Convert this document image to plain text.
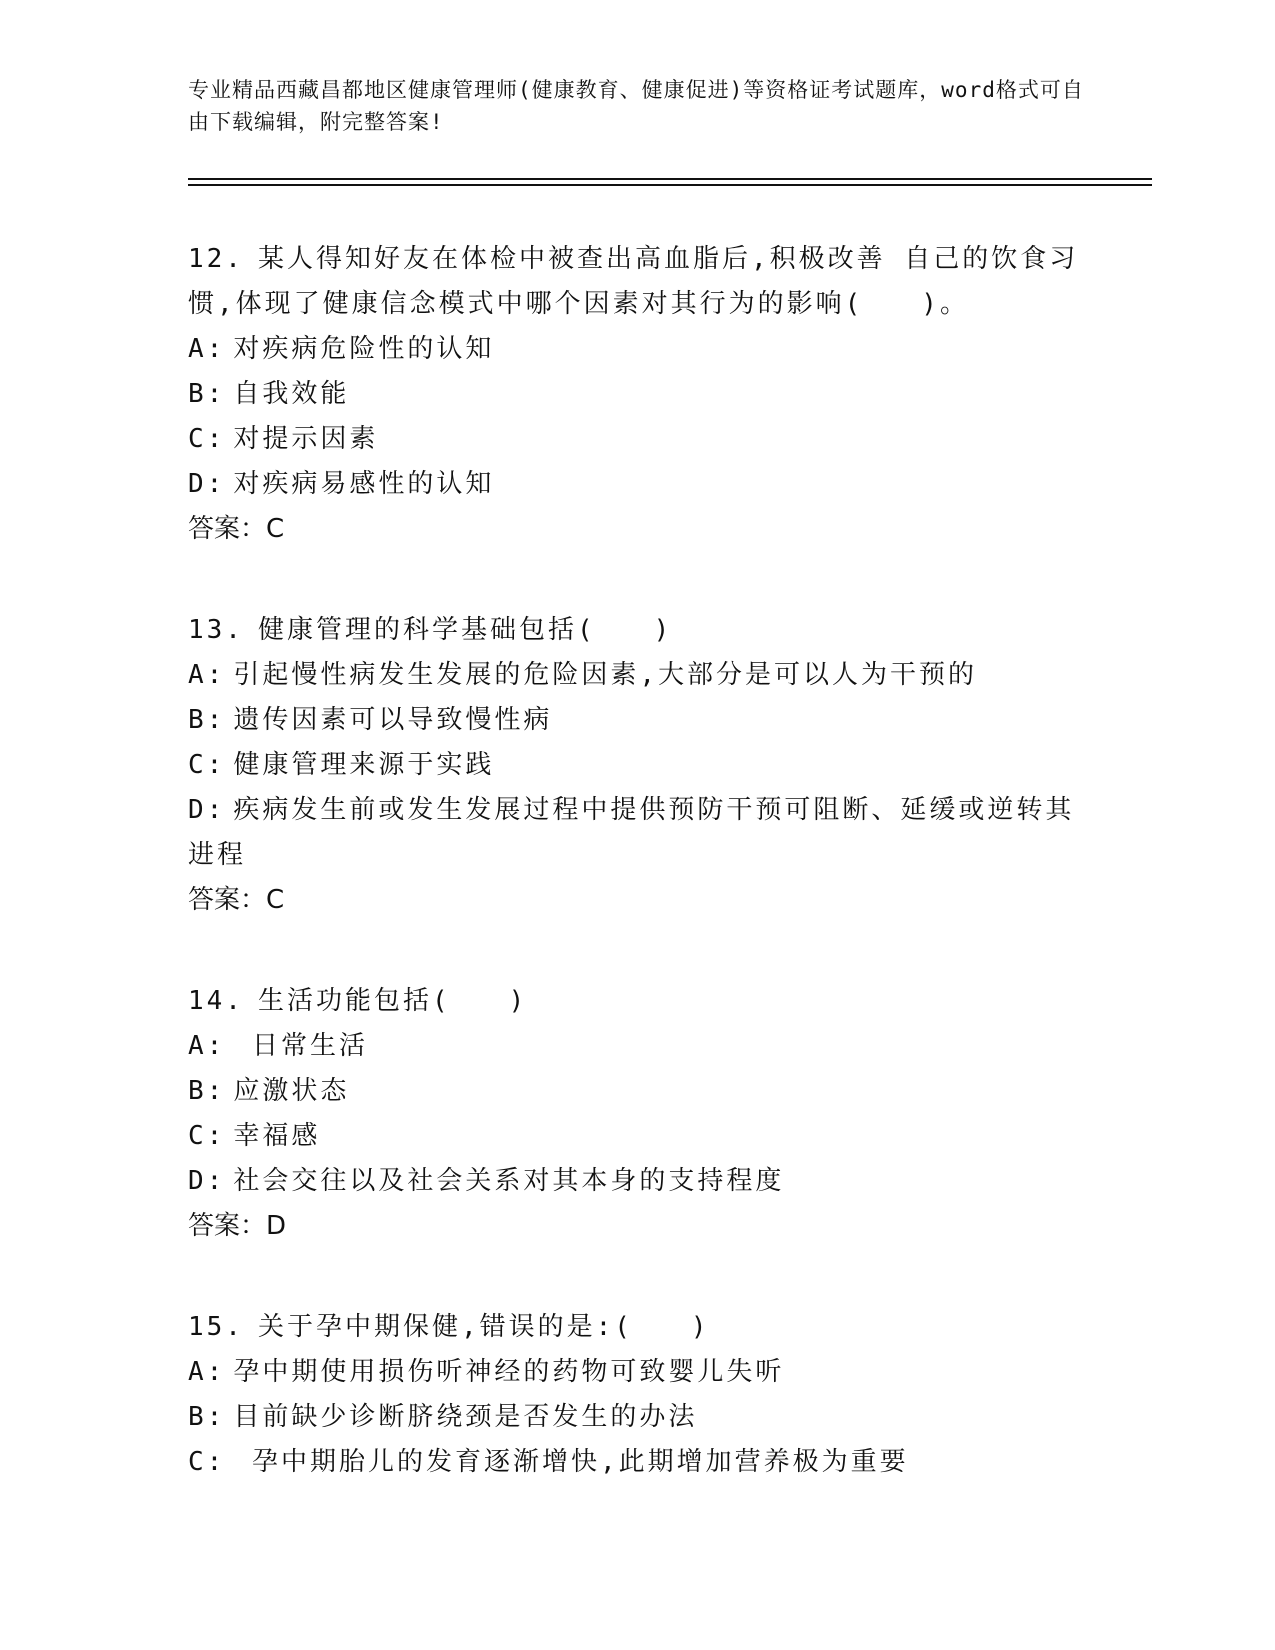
专业精品西藏昌都地区健康管理师(健康教育、健康促进)等资格证考试题库，word格式可自由下载编辑，附完整答案!

12. 某人得知好友在体检中被查出高血脂后,积极改善 自己的饮食习惯,体现了健康信念模式中哪个因素对其行为的影响(　　)。

A: 对疾病危险性的认知

B: 自我效能

C: 对提示因素

D: 对疾病易感性的认知

答案：C

13. 健康管理的科学基础包括(　　)

A: 引起慢性病发生发展的危险因素,大部分是可以人为干预的

B: 遗传因素可以导致慢性病

C: 健康管理来源于实践

D: 疾病发生前或发生发展过程中提供预防干预可阻断、延缓或逆转其进程

答案：C

14. 生活功能包括(　　)

A: 日常生活

B: 应激状态

C: 幸福感

D: 社会交往以及社会关系对其本身的支持程度

答案：D

15. 关于孕中期保健,错误的是:(　　)

A: 孕中期使用损伤听神经的药物可致婴儿失听

B: 目前缺少诊断脐绕颈是否发生的办法

C: 孕中期胎儿的发育逐渐增快,此期增加营养极为重要
